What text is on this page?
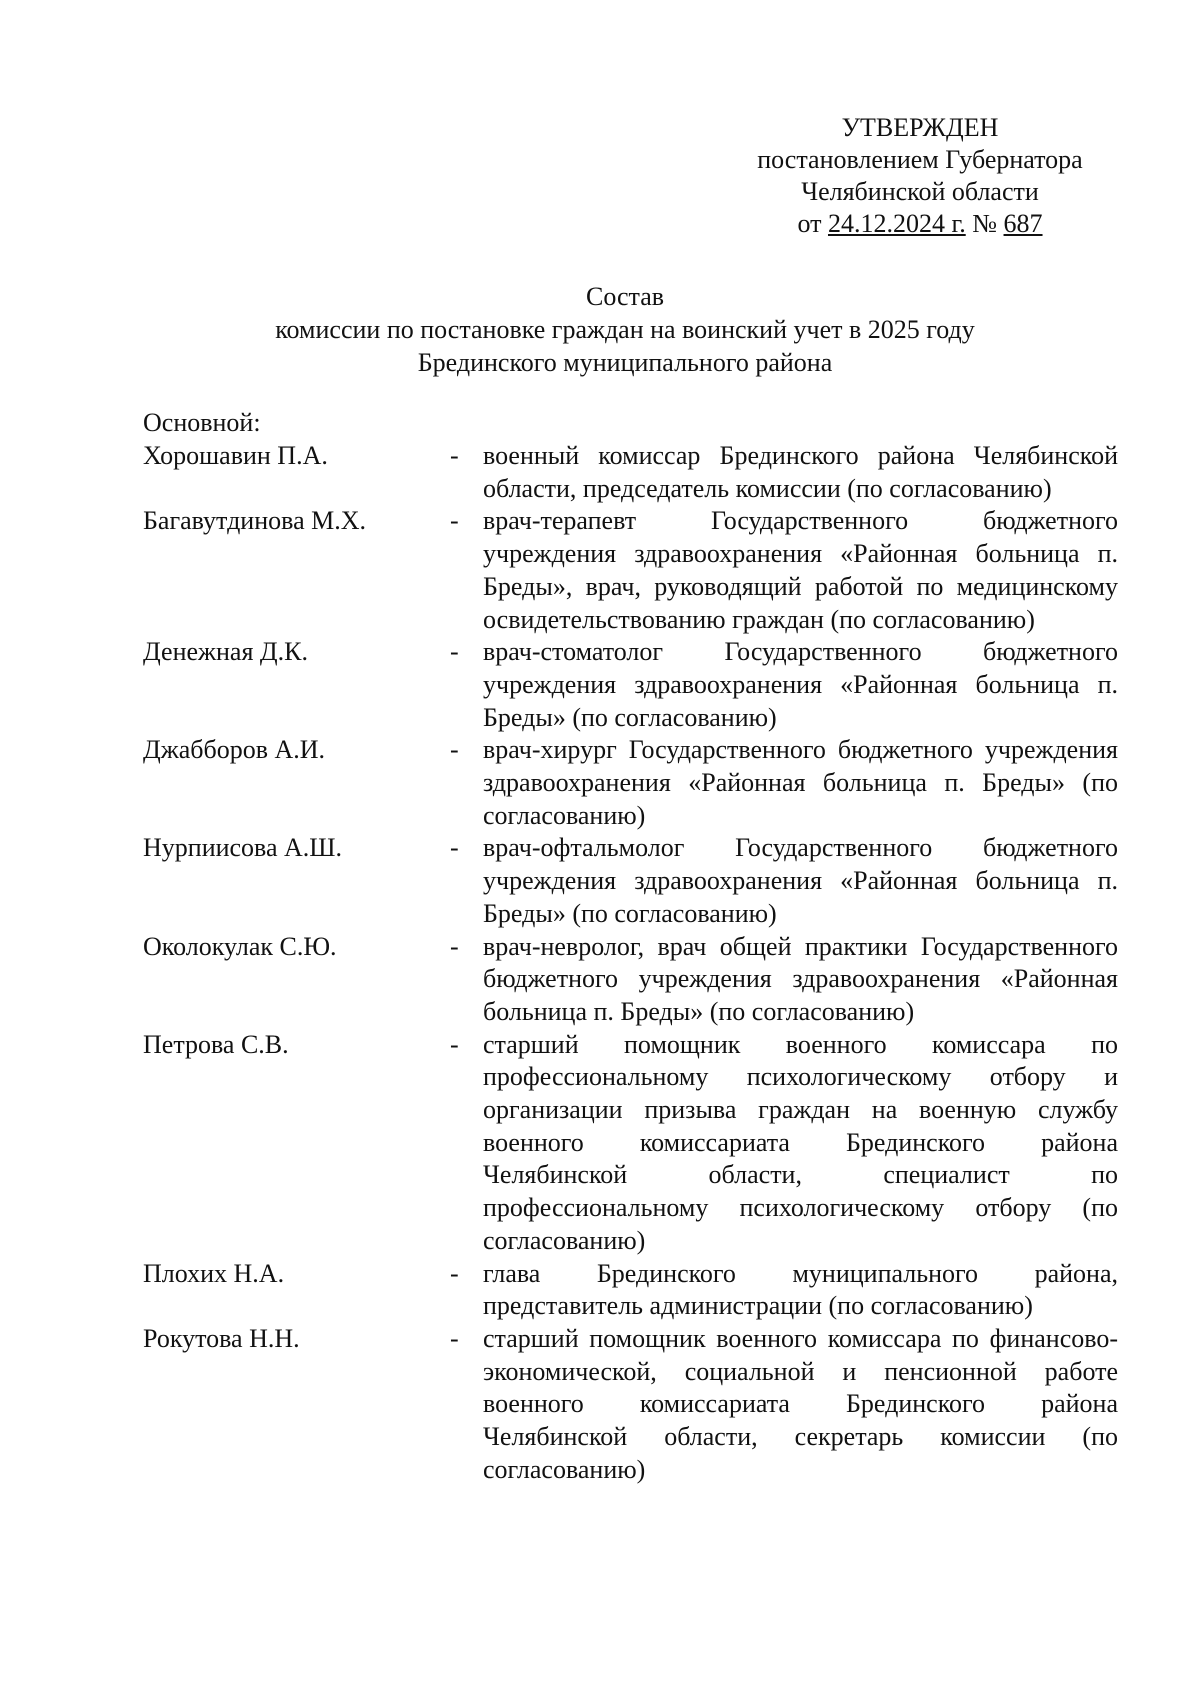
УТВЕРЖДЕН
постановлением Губернатора
Челябинской области
от 24.12.2024 г. № 687
Состав
комиссии по постановке граждан на воинский учет в 2025 году
Брединского муниципального района
Основной:
Хорошавин П.А.	- военный комиссар Брединского района Челябинской области, председатель комиссии (по согласованию)
Багавутдинова М.Х.	- врач-терапевт Государственного бюджетного учреждения здравоохранения «Районная больница п. Бреды», врач, руководящий работой по медицинскому освидетельствованию граждан (по согласованию)
Денежная Д.К.	- врач-стоматолог Государственного бюджетного учреждения здравоохранения «Районная больница п. Бреды» (по согласованию)
Джабборов А.И.	- врач-хирург Государственного бюджетного учреждения здравоохранения «Районная больница п. Бреды» (по согласованию)
Нурпиисова А.Ш.	- врач-офтальмолог Государственного бюджетного учреждения здравоохранения «Районная больница п. Бреды» (по согласованию)
Околокулак С.Ю.	- врач-невролог, врач общей практики Государственного бюджетного учреждения здравоохранения «Районная больница п. Бреды» (по согласованию)
Петрова С.В.	- старший помощник военного комиссара по профессиональному психологическому отбору и организации призыва граждан на военную службу военного комиссариата Брединского района Челябинской области, специалист по профессиональному психологическому отбору (по согласованию)
Плохих Н.А.	- глава Брединского муниципального района, представитель администрации (по согласованию)
Рокутова Н.Н.	- старший помощник военного комиссара по финансово-экономической, социальной и пенсионной работе военного комиссариата Брединского района Челябинской области, секретарь комиссии (по согласованию)
